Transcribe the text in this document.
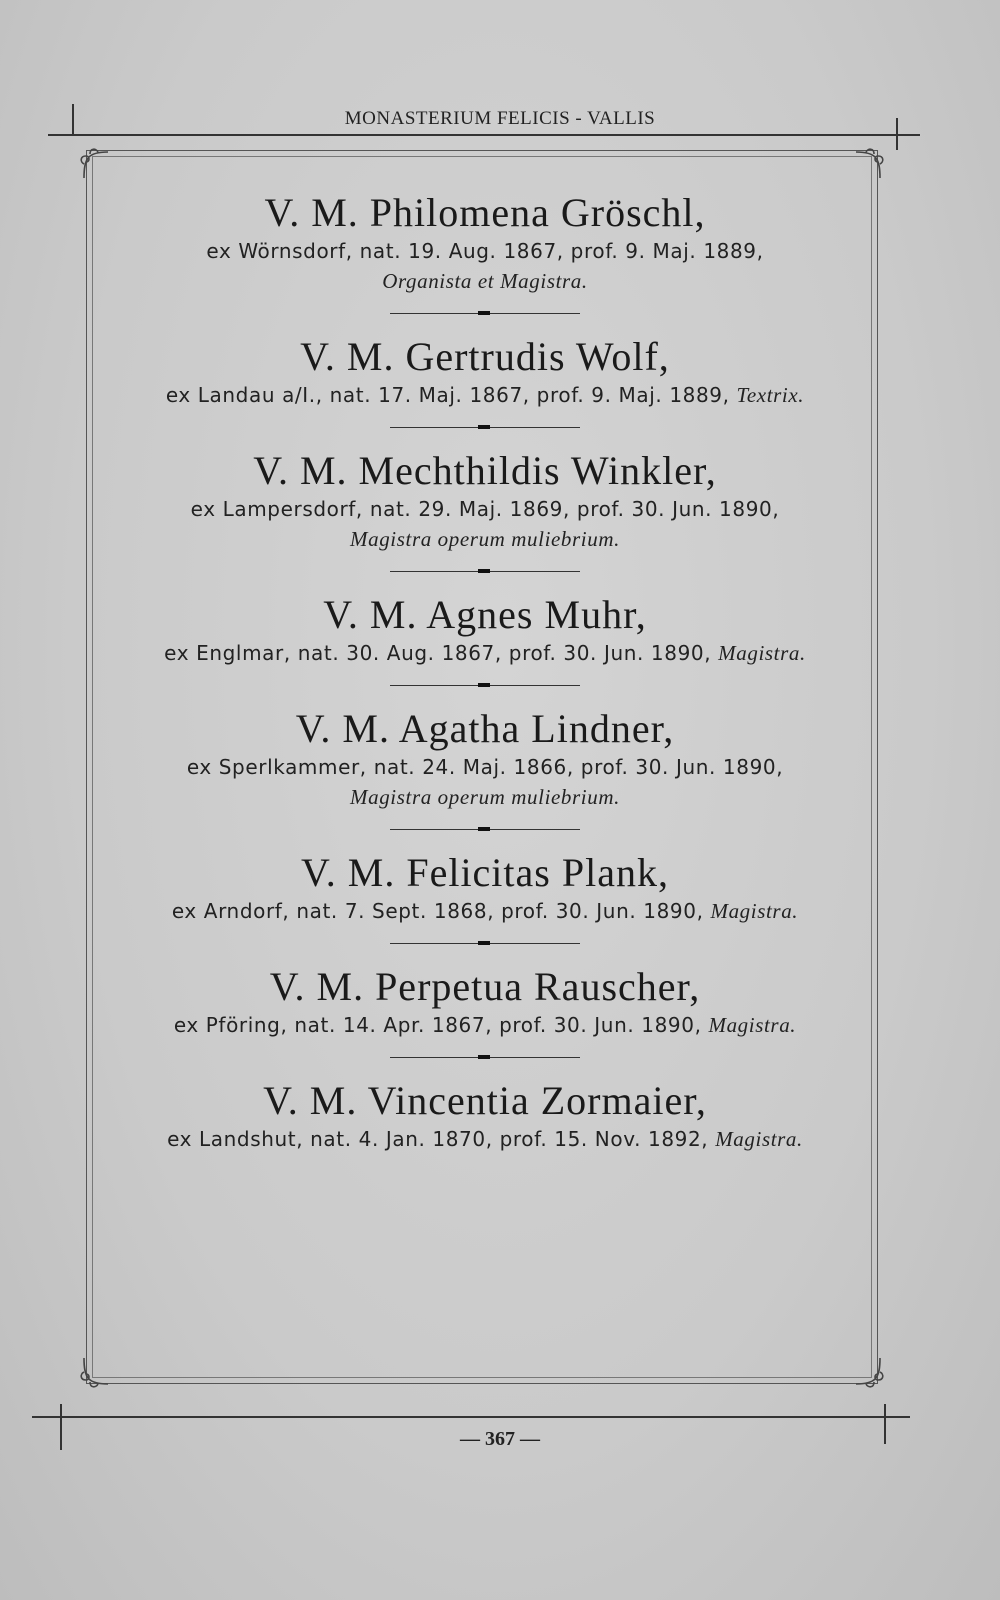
MONASTERIUM FELICIS - VALLIS
V. M. Philomena Gröschl,
ex Wörnsdorf, nat. 19. Aug. 1867, prof. 9. Maj. 1889,
Organista et Magistra.
V. M. Gertrudis Wolf,
ex Landau a/I., nat. 17. Maj. 1867, prof. 9. Maj. 1889, Textrix.
V. M. Mechthildis Winkler,
ex Lampersdorf, nat. 29. Maj. 1869, prof. 30. Jun. 1890,
Magistra operum muliebrium.
V. M. Agnes Muhr,
ex Englmar, nat. 30. Aug. 1867, prof. 30. Jun. 1890, Magistra.
V. M. Agatha Lindner,
ex Sperlkammer, nat. 24. Maj. 1866, prof. 30. Jun. 1890,
Magistra operum muliebrium.
V. M. Felicitas Plank,
ex Arndorf, nat. 7. Sept. 1868, prof. 30. Jun. 1890, Magistra.
V. M. Perpetua Rauscher,
ex Pföring, nat. 14. Apr. 1867, prof. 30. Jun. 1890, Magistra.
V. M. Vincentia Zormaier,
ex Landshut, nat. 4. Jan. 1870, prof. 15. Nov. 1892, Magistra.
— 367 —
